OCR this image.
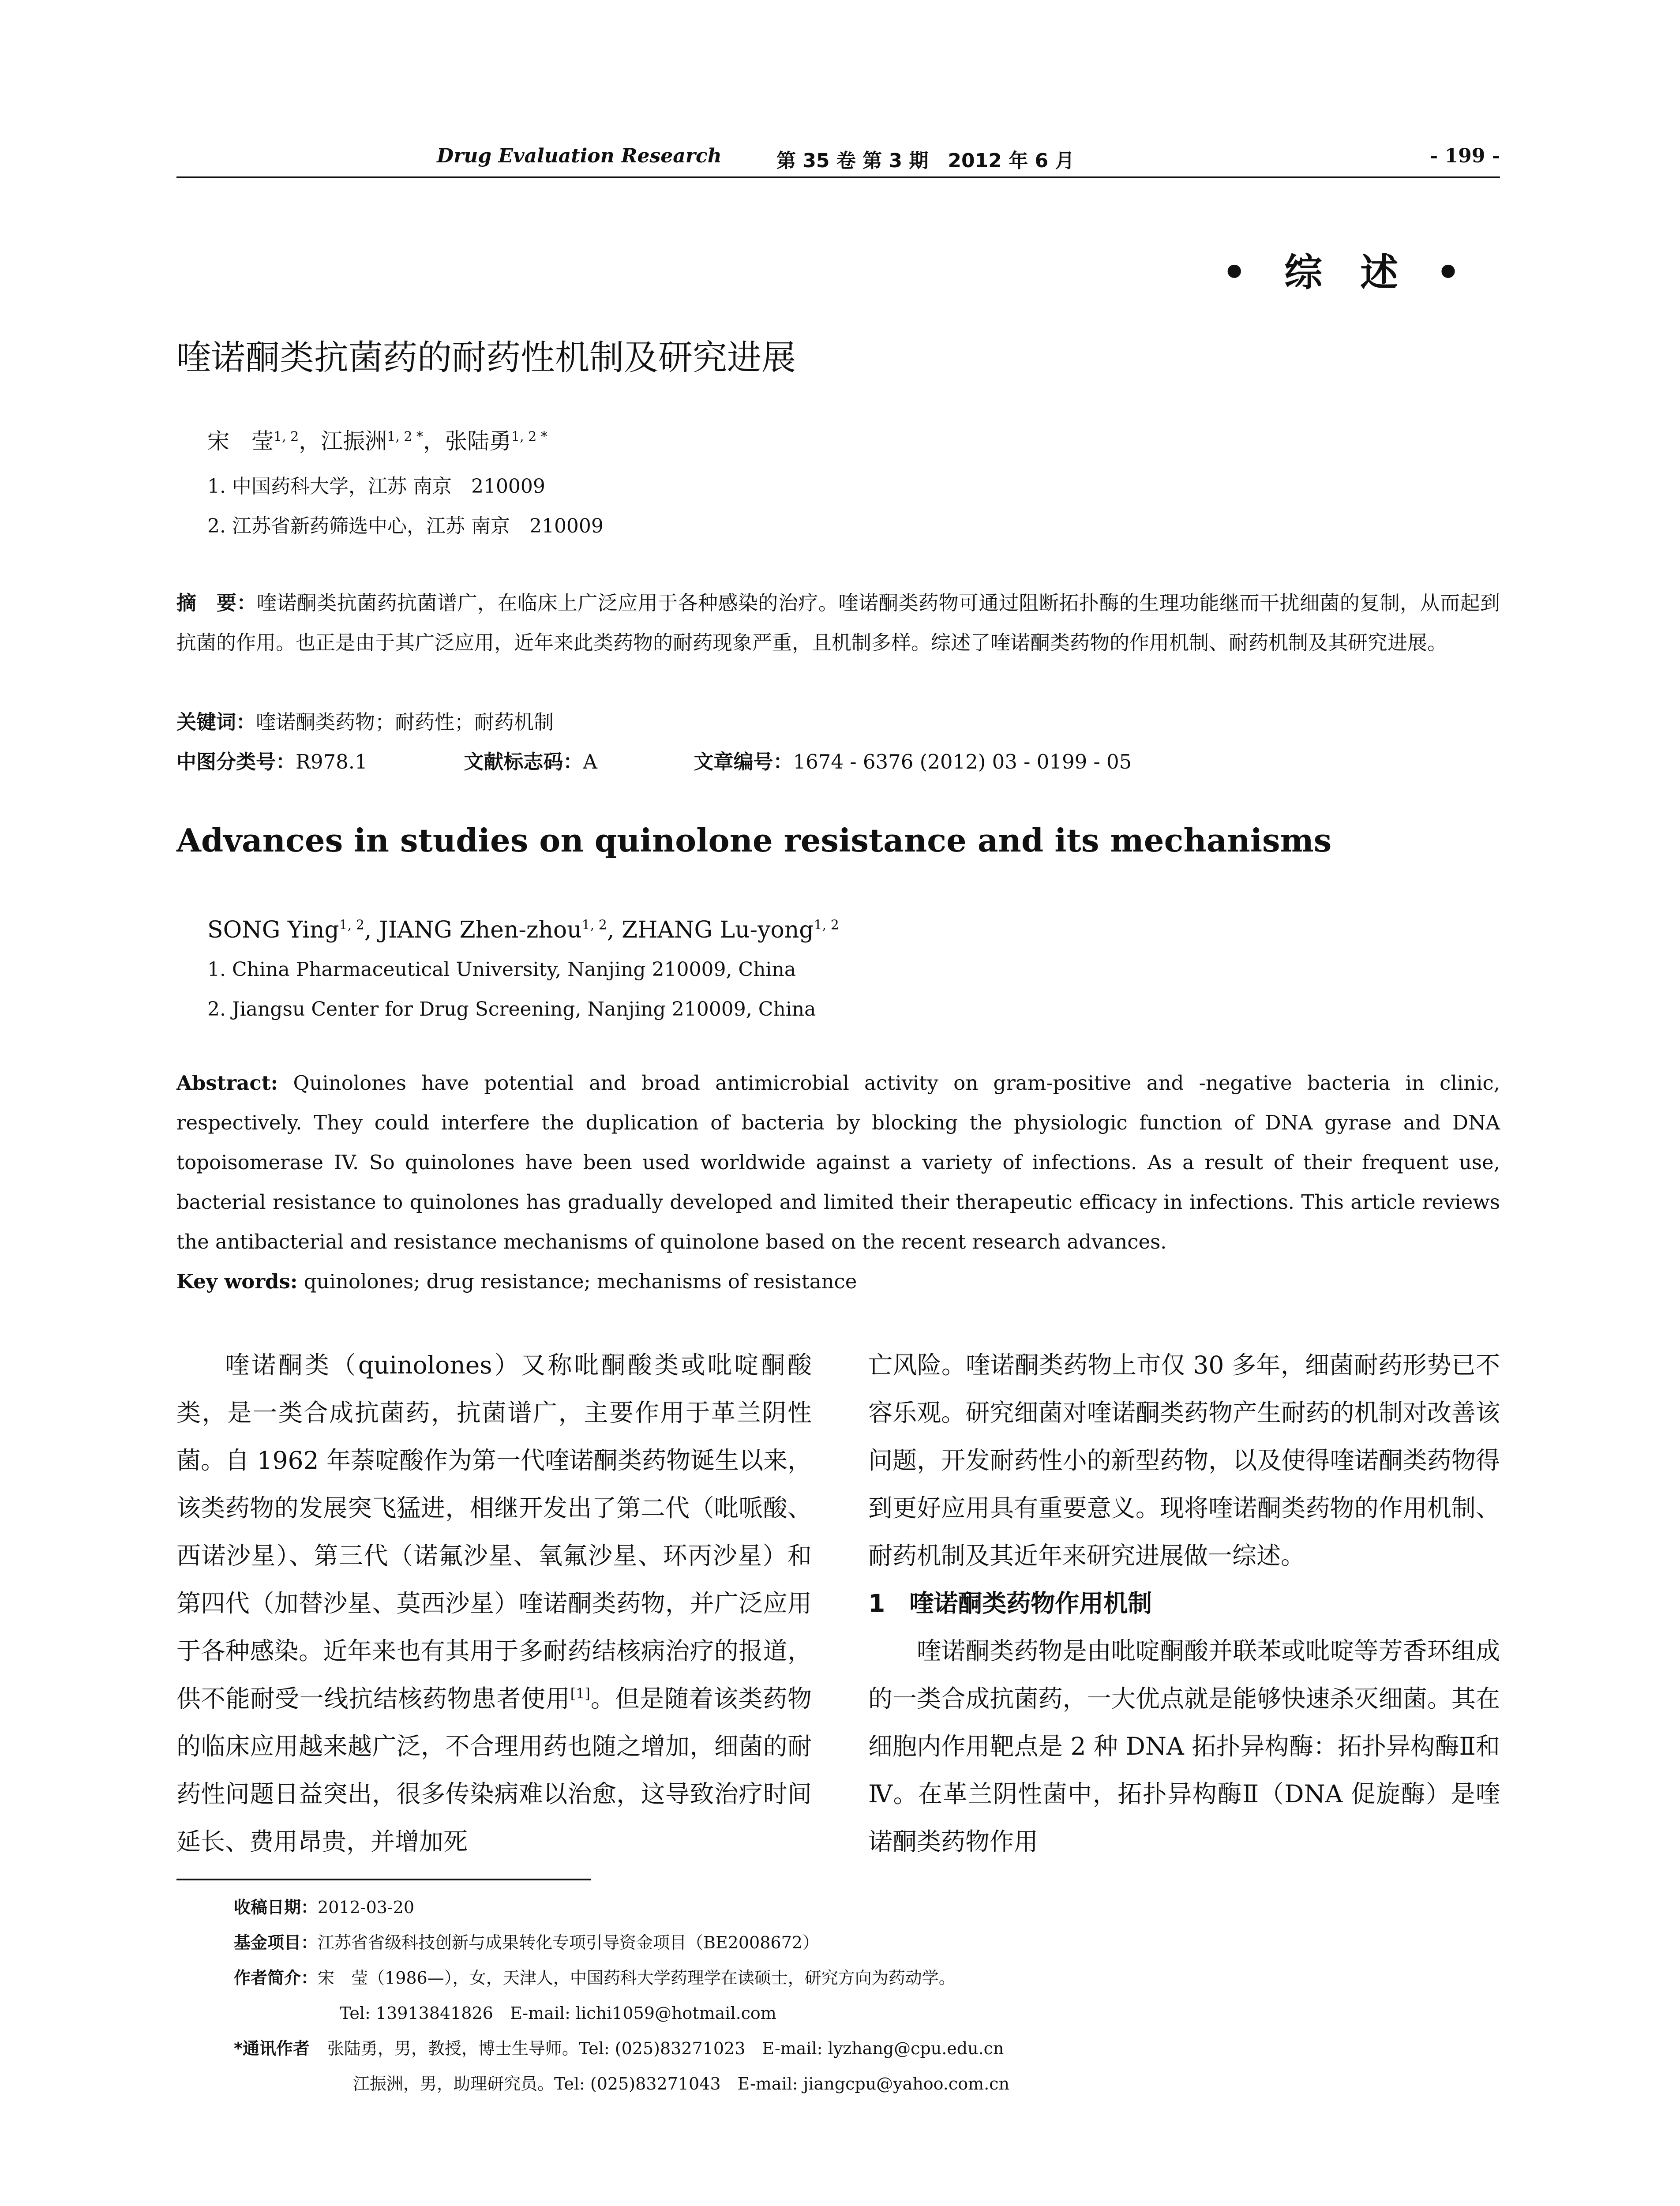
Drug Evaluation Research	第 35 卷 第 3 期　2012 年 6 月	- 199 -
• 综 述 •
喹诺酮类抗菌药的耐药性机制及研究进展
宋　莹$^{1, 2}$，江振洲$^{1, 2 *}$，张陆勇$^{1, 2 *}$
1. 中国药科大学，江苏 南京　210009
2. 江苏省新药筛选中心，江苏 南京　210009
摘　要：喹诺酮类抗菌药抗菌谱广，在临床上广泛应用于各种感染的治疗。喹诺酮类药物可通过阻断拓扑酶的生理功能继而干扰细菌的复制，从而起到抗菌的作用。也正是由于其广泛应用，近年来此类药物的耐药现象严重，且机制多样。综述了喹诺酮类药物的作用机制、耐药机制及其研究进展。
关键词：喹诺酮类药物；耐药性；耐药机制
中图分类号：R978.1	文献标志码：A	文章编号：1674 - 6376 (2012) 03 - 0199 - 05
Advances in studies on quinolone resistance and its mechanisms
SONG Ying$^{1, 2}$, JIANG Zhen-zhou$^{1, 2}$, ZHANG Lu-yong$^{1, 2}$
1. China Pharmaceutical University, Nanjing 210009, China
2. Jiangsu Center for Drug Screening, Nanjing 210009, China
Abstract: Quinolones have potential and broad antimicrobial activity on gram-positive and -negative bacteria in clinic, respectively. They could interfere the duplication of bacteria by blocking the physiologic function of DNA gyrase and DNA topoisomerase IV. So quinolones have been used worldwide against a variety of infections. As a result of their frequent use, bacterial resistance to quinolones has gradually developed and limited their therapeutic efficacy in infections. This article reviews the antibacterial and resistance mechanisms of quinolone based on the recent research advances.
Key words: quinolones; drug resistance; mechanisms of resistance

喹诺酮类（quinolones）又称吡酮酸类或吡啶酮酸类，是一类合成抗菌药，抗菌谱广，主要作用于革兰阴性菌。自 1962 年萘啶酸作为第一代喹诺酮类药物诞生以来，该类药物的发展突飞猛进，相继开发出了第二代（吡哌酸、西诺沙星）、第三代（诺氟沙星、氧氟沙星、环丙沙星）和第四代（加替沙星、莫西沙星）喹诺酮类药物，并广泛应用于各种感染。近年来也有其用于多耐药结核病治疗的报道，供不能耐受一线抗结核药物患者使用[1]。但是随着该类药物的临床应用越来越广泛，不合理用药也随之增加，细菌的耐药性问题日益突出，很多传染病难以治愈，这导致治疗时间延长、费用昂贵，并增加死

亡风险。喹诺酮类药物上市仅 30 多年，细菌耐药形势已不容乐观。研究细菌对喹诺酮类药物产生耐药的机制对改善该问题，开发耐药性小的新型药物，以及使得喹诺酮类药物得到更好应用具有重要意义。现将喹诺酮类药物的作用机制、耐药机制及其近年来研究进展做一综述。

1　喹诺酮类药物作用机制

喹诺酮类药物是由吡啶酮酸并联苯或吡啶等芳香环组成的一类合成抗菌药，一大优点就是能够快速杀灭细菌。其在细胞内作用靶点是 2 种 DNA 拓扑异构酶：拓扑异构酶Ⅱ和Ⅳ。在革兰阴性菌中，拓扑异构酶Ⅱ（DNA 促旋酶）是喹诺酮类药物作用

收稿日期：2012-03-20
基金项目：江苏省省级科技创新与成果转化专项引导资金项目（BE2008672）
作者简介：宋　莹（1986—），女，天津人，中国药科大学药理学在读硕士，研究方向为药动学。
Tel: 13913841826　E-mail: lichi1059@hotmail.com
*通讯作者 张陆勇，男，教授，博士生导师。Tel: (025)83271023　E-mail: lyzhang@cpu.edu.cn
江振洲，男，助理研究员。Tel: (025)83271043　E-mail: jiangcpu@yahoo.com.cn
